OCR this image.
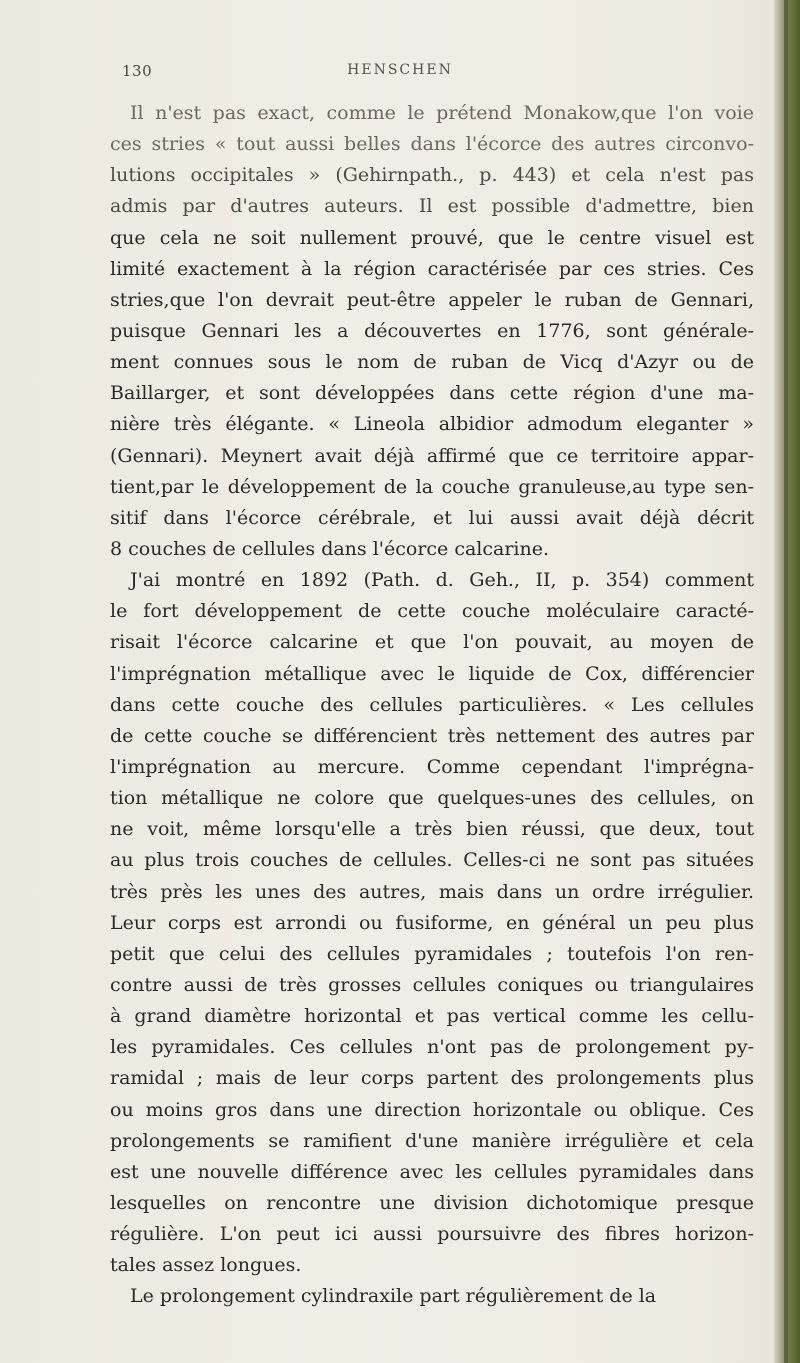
130	HENSCHEN
Il n'est pas exact, comme le prétend Monakow,que l'on voie
ces stries « tout aussi belles dans l'écorce des autres circonvo-
lutions occipitales » (Gehirnpath., p. 443) et cela n'est pas
admis par d'autres auteurs. Il est possible d'admettre, bien
que cela ne soit nullement prouvé, que le centre visuel est
limité exactement à la région caractérisée par ces stries. Ces
stries,que l'on devrait peut-être appeler le ruban de Gennari,
puisque Gennari les a découvertes en 1776, sont générale-
ment connues sous le nom de ruban de Vicq d'Azyr ou de
Baillarger, et sont développées dans cette région d'une ma-
nière très élégante. « Lineola albidior admodum eleganter »
(Gennari). Meynert avait déjà affirmé que ce territoire appar-
tient,par le développement de la couche granuleuse,au type sen-
sitif dans l'écorce cérébrale, et lui aussi avait déjà décrit
8 couches de cellules dans l'écorce calcarine.
J'ai montré en 1892 (Path. d. Geh., II, p. 354) comment
le fort développement de cette couche moléculaire caracté-
risait l'écorce calcarine et que l'on pouvait, au moyen de
l'imprégnation métallique avec le liquide de Cox, différencier
dans cette couche des cellules particulières. « Les cellules
de cette couche se différencient très nettement des autres par
l'imprégnation au mercure. Comme cependant l'imprégna-
tion métallique ne colore que quelques-unes des cellules, on
ne voit, même lorsqu'elle a très bien réussi, que deux, tout
au plus trois couches de cellules. Celles-ci ne sont pas situées
très près les unes des autres, mais dans un ordre irrégulier.
Leur corps est arrondi ou fusiforme, en général un peu plus
petit que celui des cellules pyramidales ; toutefois l'on ren-
contre aussi de très grosses cellules coniques ou triangulaires
à grand diamètre horizontal et pas vertical comme les cellu-
les pyramidales. Ces cellules n'ont pas de prolongement py-
ramidal ; mais de leur corps partent des prolongements plus
ou moins gros dans une direction horizontale ou oblique. Ces
prolongements se ramifient d'une manière irrégulière et cela
est une nouvelle différence avec les cellules pyramidales dans
lesquelles on rencontre une division dichotomique presque
régulière. L'on peut ici aussi poursuivre des fibres horizon-
tales assez longues.
Le prolongement cylindraxile part régulièrement de la
